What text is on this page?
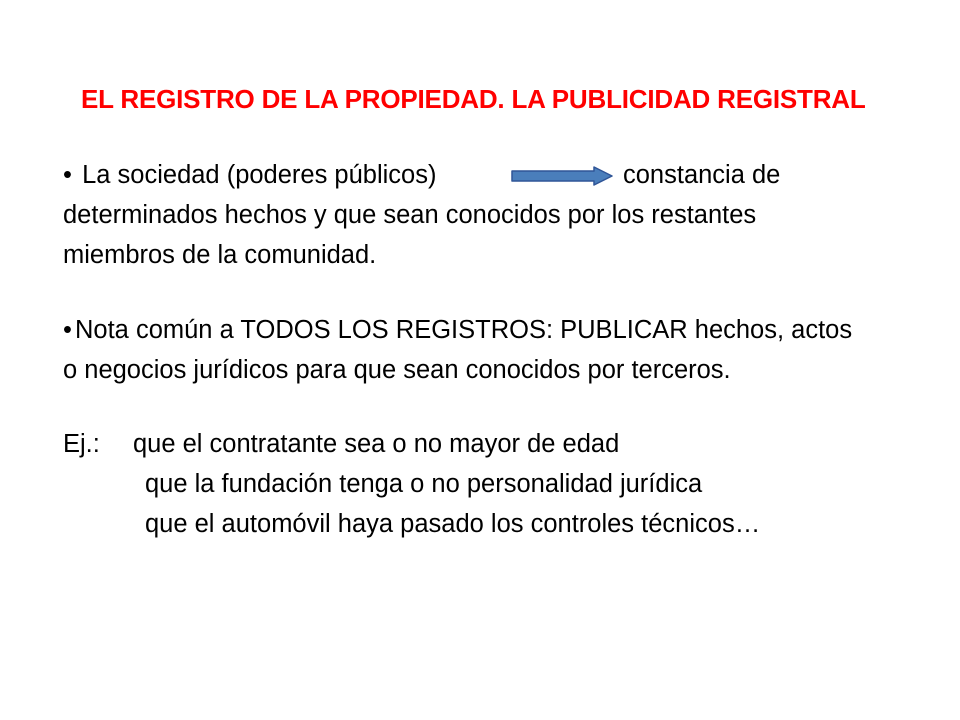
EL REGISTRO DE LA PROPIEDAD. LA PUBLICIDAD REGISTRAL
• La sociedad (poderes públicos)	constancia de
determinados hechos y que sean conocidos por los restantes
miembros de la comunidad.
• Nota común a TODOS LOS REGISTROS: PUBLICAR hechos, actos
o negocios jurídicos para que sean conocidos por terceros.
Ej.: que el contratante sea o no mayor de edad
que la fundación tenga o no personalidad jurídica
que el automóvil haya pasado los controles técnicos…
